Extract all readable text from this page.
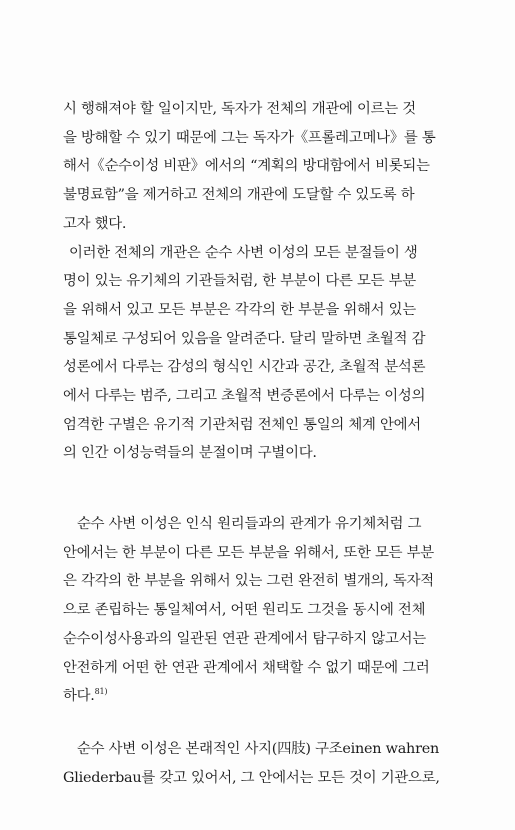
시 행해져야 할 일이지만, 독자가 전체의 개관에 이르는 것
을 방해할 수 있기 때문에 그는 독자가《프롤레고메나》를 통
해서《순수이성 비판》에서의 “계획의 방대함에서 비롯되는
불명료함”을 제거하고 전체의 개관에 도달할 수 있도록 하
고자 했다.

이러한 전체의 개관은 순수 사변 이성의 모든 분절들이 생
명이 있는 유기체의 기관들처럼, 한 부분이 다른 모든 부분
을 위해서 있고 모든 부분은 각각의 한 부분을 위해서 있는
통일체로 구성되어 있음을 알려준다. 달리 말하면 초월적 감
성론에서 다루는 감성의 형식인 시간과 공간, 초월적 분석론
에서 다루는 범주, 그리고 초월적 변증론에서 다루는 이성의
엄격한 구별은 유기적 기관처럼 전체인 통일의 체계 안에서
의 인간 이성능력들의 분절이며 구별이다.

순수 사변 이성은 인식 원리들과의 관계가 유기체처럼 그
안에서는 한 부분이 다른 모든 부분을 위해서, 또한 모든 부분
은 각각의 한 부분을 위해서 있는 그런 완전히 별개의, 독자적
으로 존립하는 통일체여서, 어떤 원리도 그것을 동시에 전체
순수이성사용과의 일관된 연관 관계에서 탐구하지 않고서는
안전하게 어떤 한 연관 관계에서 채택할 수 없기 때문에 그러
하다.$^{81)}$

순수 사변 이성은 본래적인 사지(四肢) 구조einen wahren
Gliederbau를 갖고 있어서, 그 안에서는 모든 것이 기관으로,
